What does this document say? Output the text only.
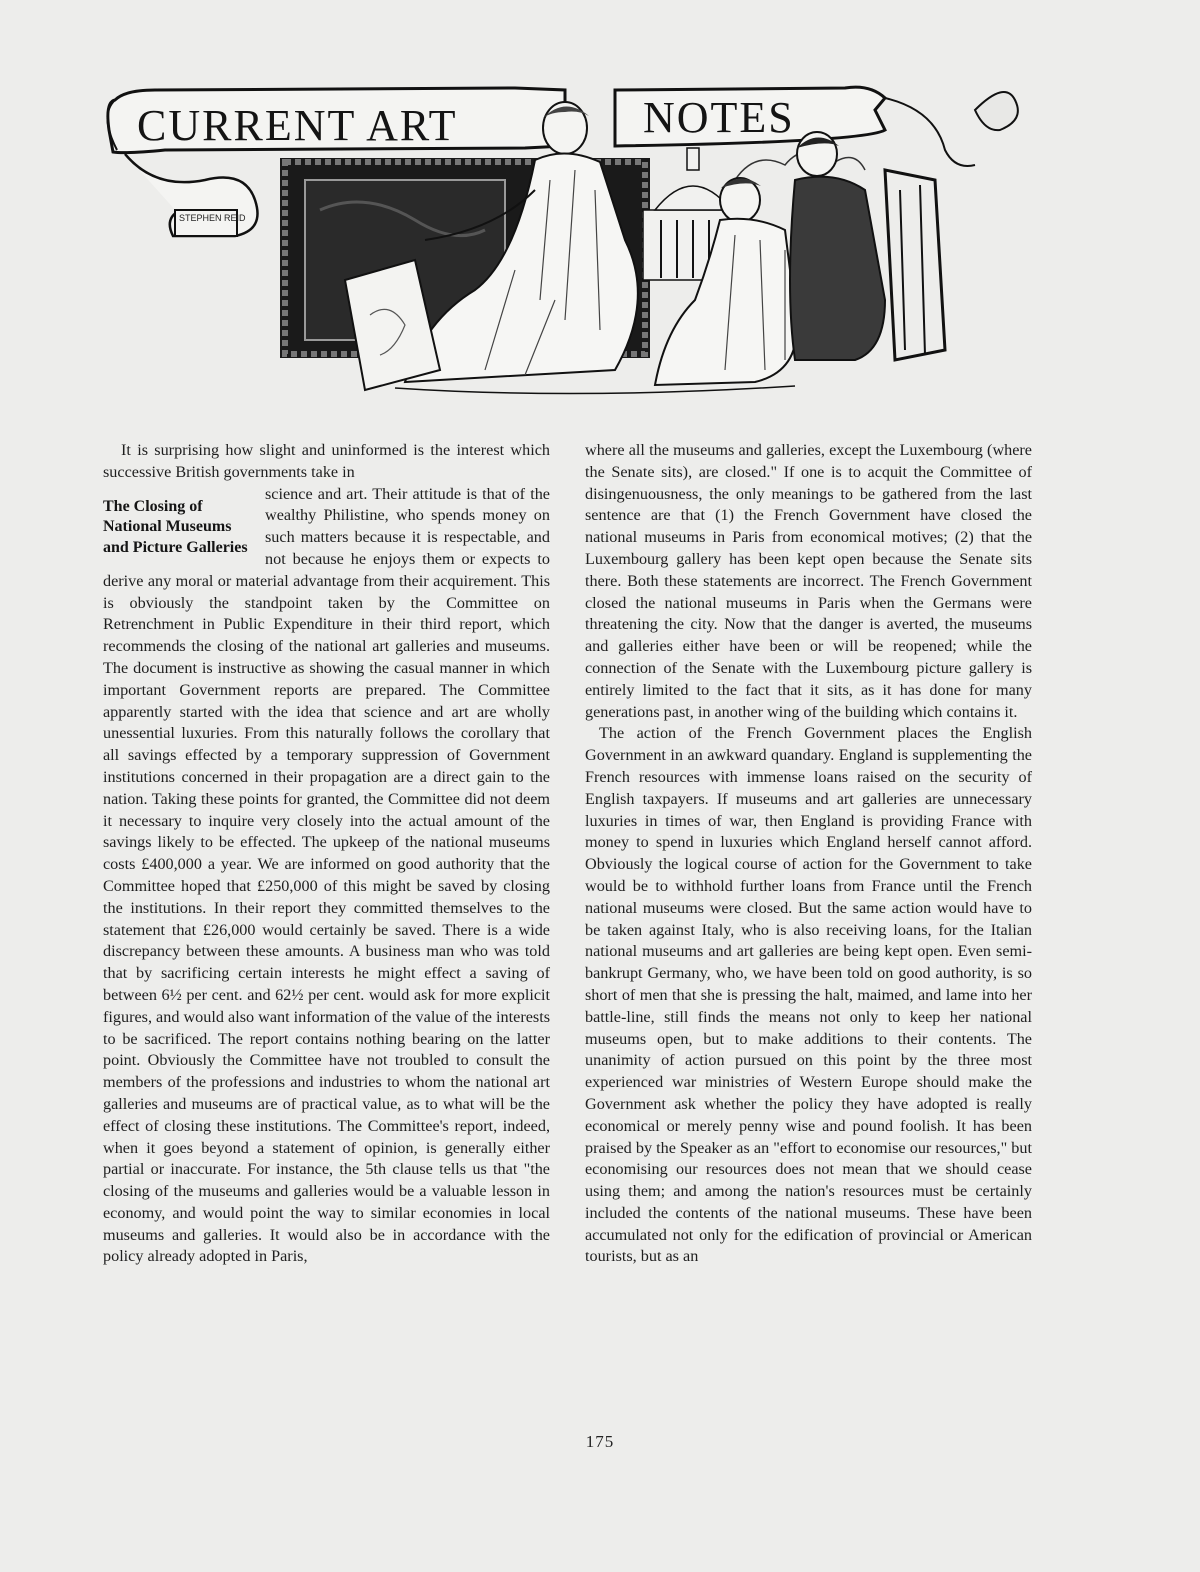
STEPHEN REID
CURRENT ART	NOTES

It is surprising how slight and uninformed is the interest which successive British governments take in

The Closing of National Museums and Picture Galleries

science and art. Their attitude is that of the wealthy Philistine, who spends money on such matters because it is respectable, and not because he enjoys them or expects to derive any moral or material advantage from their acquirement. This is obviously the standpoint taken by the Committee on Retrenchment in Public Expenditure in their third report, which recommends the closing of the national art galleries and museums. The document is instructive as showing the casual manner in which important Government reports are prepared. The Committee apparently started with the idea that science and art are wholly unessential luxuries. From this naturally follows the corollary that all savings effected by a temporary suppression of Government institutions concerned in their propagation are a direct gain to the nation. Taking these points for granted, the Committee did not deem it necessary to inquire very closely into the actual amount of the savings likely to be effected. The upkeep of the national museums costs £400,000 a year. We are informed on good authority that the Committee hoped that £250,000 of this might be saved by closing the institutions. In their report they committed themselves to the statement that £26,000 would certainly be saved. There is a wide discrepancy between these amounts. A business man who was told that by sacrificing certain interests he might effect a saving of between 6½ per cent. and 62½ per cent. would ask for more explicit figures, and would also want information of the value of the interests to be sacrificed. The report contains nothing bearing on the latter point. Obviously the Committee have not troubled to consult the members of the professions and industries to whom the national art galleries and museums are of practical value, as to what will be the effect of closing these institutions. The Committee's report, indeed, when it goes beyond a statement of opinion, is generally either partial or inaccurate. For instance, the 5th clause tells us that "the closing of the museums and galleries would be a valuable lesson in economy, and would point the way to similar economies in local museums and galleries. It would also be in accordance with the policy already adopted in Paris,

where all the museums and galleries, except the Luxembourg (where the Senate sits), are closed." If one is to acquit the Committee of disingenuousness, the only meanings to be gathered from the last sentence are that (1) the French Government have closed the national museums in Paris from economical motives; (2) that the Luxembourg gallery has been kept open because the Senate sits there. Both these statements are incorrect. The French Government closed the national museums in Paris when the Germans were threatening the city. Now that the danger is averted, the museums and galleries either have been or will be reopened; while the connection of the Senate with the Luxembourg picture gallery is entirely limited to the fact that it sits, as it has done for many generations past, in another wing of the building which contains it.

The action of the French Government places the English Government in an awkward quandary. England is supplementing the French resources with immense loans raised on the security of English taxpayers. If museums and art galleries are unnecessary luxuries in times of war, then England is providing France with money to spend in luxuries which England herself cannot afford. Obviously the logical course of action for the Government to take would be to withhold further loans from France until the French national museums were closed. But the same action would have to be taken against Italy, who is also receiving loans, for the Italian national museums and art galleries are being kept open. Even semi-bankrupt Germany, who, we have been told on good authority, is so short of men that she is pressing the halt, maimed, and lame into her battle-line, still finds the means not only to keep her national museums open, but to make additions to their contents. The unanimity of action pursued on this point by the three most experienced war ministries of Western Europe should make the Government ask whether the policy they have adopted is really economical or merely penny wise and pound foolish. It has been praised by the Speaker as an "effort to economise our resources," but economising our resources does not mean that we should cease using them; and among the nation's resources must be certainly included the contents of the national museums. These have been accumulated not only for the edification of provincial or American tourists, but as an

175
